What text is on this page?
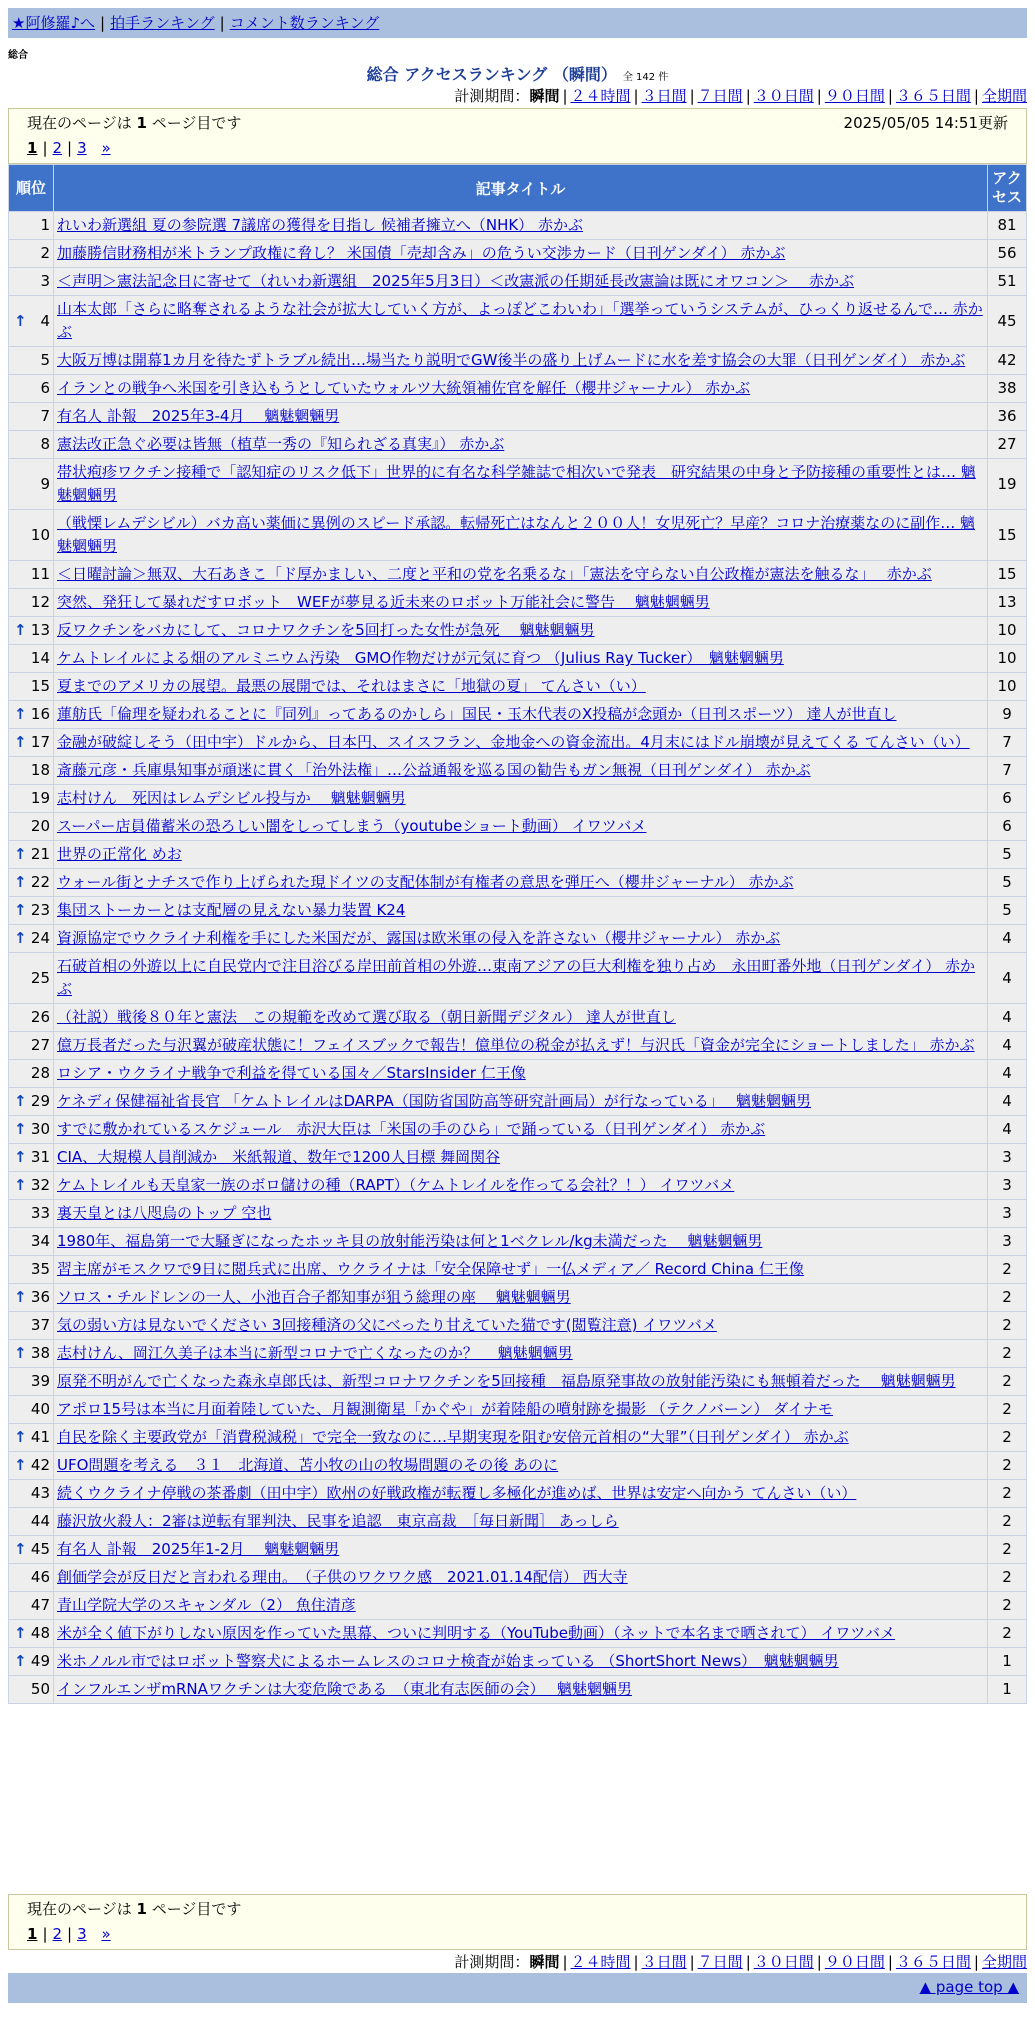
★阿修羅♪へ | 拍手ランキング | コメント数ランキング
総合
総合 アクセスランキング （瞬間） 全 142 件
計測期間：瞬間 | ２４時間 | ３日間 | ７日間 | ３０日間 | ９０日間 | ３６５日間 | 全期間
現在のページは 1 ページ目です	2025/05/05 14:51更新
1 | 2 | 3 »
順位	記事タイトル	アクセス
1	れいわ新選組 夏の参院選 7議席の獲得を目指し 候補者擁立へ（NHK） 赤かぶ	81
2	加藤勝信財務相が米トランプ政権に脅し？ 米国債「売却含み」の危うい交渉カード（日刊ゲンダイ） 赤かぶ	56
3	＜声明＞憲法記念日に寄せて（れいわ新選組　2025年5月3日）＜改憲派の任期延長改憲論は既にオワコン＞　 赤かぶ	51

↑ 4	山本太郎「さらに略奪されるような社会が拡大していく方が、よっぽどこわいわ」「選挙っていうシステムが、ひっくり返せるんで… 赤かぶ	45
5	大阪万博は開幕1カ月を待たずトラブル続出…場当たり説明でGW後半の盛り上げムードに水を差す協会の大罪（日刊ゲンダイ） 赤かぶ	42
6	イランとの戦争へ米国を引き込もうとしていたウォルツ大統領補佐官を解任（櫻井ジャーナル） 赤かぶ	38
7	有名人 訃報　2025年3-4月　 魑魅魍魎男	36
8	憲法改正急ぐ必要は皆無（植草一秀の『知られざる真実』） 赤かぶ	27
9	帯状疱疹ワクチン接種で「認知症のリスク低下」世界的に有名な科学雑誌で相次いで発表　研究結果の中身と予防接種の重要性とは… 魑魅魍魎男	19
10	（戦慄レムデシビル）バカ高い薬価に異例のスピード承認。転帰死亡はなんと２００人！女児死亡？早産？コロナ治療薬なのに副作… 魑魅魍魎男	15
11	＜日曜討論＞無双、大石あきこ「ド厚かましい、二度と平和の党を名乗るな」「憲法を守らない自公政権が憲法を触るな」　 赤かぶ	15
12	突然、発狂して暴れだすロボット　WEFが夢見る近未来のロボット万能社会に警告　 魑魅魍魎男	13

↑ 13	反ワクチンをバカにして、コロナワクチンを5回打った女性が急死　 魑魅魍魎男	10
14	ケムトレイルによる畑のアルミニウム汚染　GMO作物だけが元気に育つ （Julius Ray Tucker）　魑魅魍魎男	10
15	夏までのアメリカの展望。最悪の展開では、それはまさに「地獄の夏」 てんさい（い）	10

↑ 16	蓮舫氏「倫理を疑われることに『同列』ってあるのかしら」国民・玉木代表のX投稿が念頭か（日刊スポーツ） 達人が世直し	9

↑ 17	金融が破綻しそう（田中宇）ドルから、日本円、スイスフラン、金地金への資金流出。4月末にはドル崩壊が見えてくる てんさい（い）	7
18	斎藤元彦・兵庫県知事が頑迷に貫く「治外法権」…公益通報を巡る国の勧告もガン無視（日刊ゲンダイ） 赤かぶ	7
19	志村けん　死因はレムデシビル投与か　 魑魅魍魎男	6
20	スーパー店員備蓄米の恐ろしい闇をしってしまう（youtubeショート動画） イワツバメ	6

↑ 21	世界の正常化 めお	5

↑ 22	ウォール街とナチスで作り上げられた現ドイツの支配体制が有権者の意思を弾圧へ（櫻井ジャーナル） 赤かぶ	5

↑ 23	集団ストーカーとは支配層の見えない暴力装置 K24	5

↑ 24	資源協定でウクライナ利権を手にした米国だが、露国は欧米軍の侵入を許さない（櫻井ジャーナル） 赤かぶ	4
25	石破首相の外遊以上に自民党内で注目浴びる岸田前首相の外遊…東南アジアの巨大利権を独り占め　永田町番外地（日刊ゲンダイ） 赤かぶ	4
26	（社説）戦後８０年と憲法　この規範を改めて選び取る（朝日新聞デジタル） 達人が世直し	4
27	億万長者だった与沢翼が破産状態に！フェイスブックで報告！億単位の税金が払えず！与沢氏「資金が完全にショートしました」 赤かぶ	4
28	ロシア・ウクライナ戦争で利益を得ている国々／StarsInsider 仁王像	4

↑ 29	ケネディ保健福祉省長官 「ケムトレイルはDARPA（国防省国防高等研究計画局）が行なっている」　 魑魅魍魎男	4

↑ 30	すでに敷かれているスケジュール　赤沢大臣は「米国の手のひら」で踊っている（日刊ゲンダイ） 赤かぶ	4

↑ 31	CIA、大規模人員削減か　米紙報道、数年で1200人目標 舞岡関谷	3

↑ 32	ケムトレイルも天皇家一族のボロ儲けの種（RAPT）（ケムトレイルを作ってる会社？！） イワツバメ	3
33	裏天皇とは八咫烏のトップ 空也	3
34	1980年、福島第一で大騒ぎになったホッキ貝の放射能汚染は何と1ベクレル/kg未満だった　 魑魅魍魎男	3
35	習主席がモスクワで9日に閲兵式に出席、ウクライナは「安全保障せず」一仏メディア／ Record China 仁王像	2

↑ 36	ソロス・チルドレンの一人、小池百合子都知事が狙う総理の座　 魑魅魍魎男	2
37	気の弱い方は見ないでください 3回接種済の父にべったり甘えていた猫です(閲覧注意) イワツバメ	2

↑ 38	志村けん、岡江久美子は本当に新型コロナで亡くなったのか？　 魑魅魍魎男	2
39	原発不明がんで亡くなった森永卓郎氏は、新型コロナワクチンを5回接種　福島原発事故の放射能汚染にも無頓着だった　 魑魅魍魎男	2
40	アポロ15号は本当に月面着陸していた、月観測衛星「かぐや」が着陸船の噴射跡を撮影 （テクノバーン） ダイナモ	2

↑ 41	自民を除く主要政党が「消費税減税」で完全一致なのに…早期実現を阻む安倍元首相の“大罪”（日刊ゲンダイ） 赤かぶ	2

↑ 42	UFO問題を考える　３１　北海道、苫小牧の山の牧場問題のその後 あのに	2
43	続くウクライナ停戦の茶番劇（田中宇）欧州の好戦政権が転覆し多極化が進めば、世界は安定へ向かう てんさい（い）	2
44	藤沢放火殺人：2審は逆転有罪判決、民事を追認　東京高裁　［毎日新聞］ あっしら	2

↑ 45	有名人 訃報　2025年1-2月　 魑魅魍魎男	2
46	創価学会が反日だと言われる理由。　（子供のワクワク感　2021.01.14配信） 西大寺	2
47	青山学院大学のスキャンダル（2） 魚住清彦	2

↑ 48	米が全く値下がりしない原因を作っていた黒幕、ついに判明する（YouTube動画）（ネットで本名まで晒されて） イワツバメ	2

↑ 49	米ホノルル市ではロボット警察犬によるホームレスのコロナ検査が始まっている （ShortShort News）　魑魅魍魎男	1
50	インフルエンザmRNAワクチンは大変危険である　（東北有志医師の会）　 魑魅魍魎男	1
現在のページは 1 ページ目です
1 | 2 | 3 »
計測期間：瞬間 | ２４時間 | ３日間 | ７日間 | ３０日間 | ９０日間 | ３６５日間 | 全期間
▲ page top ▲
